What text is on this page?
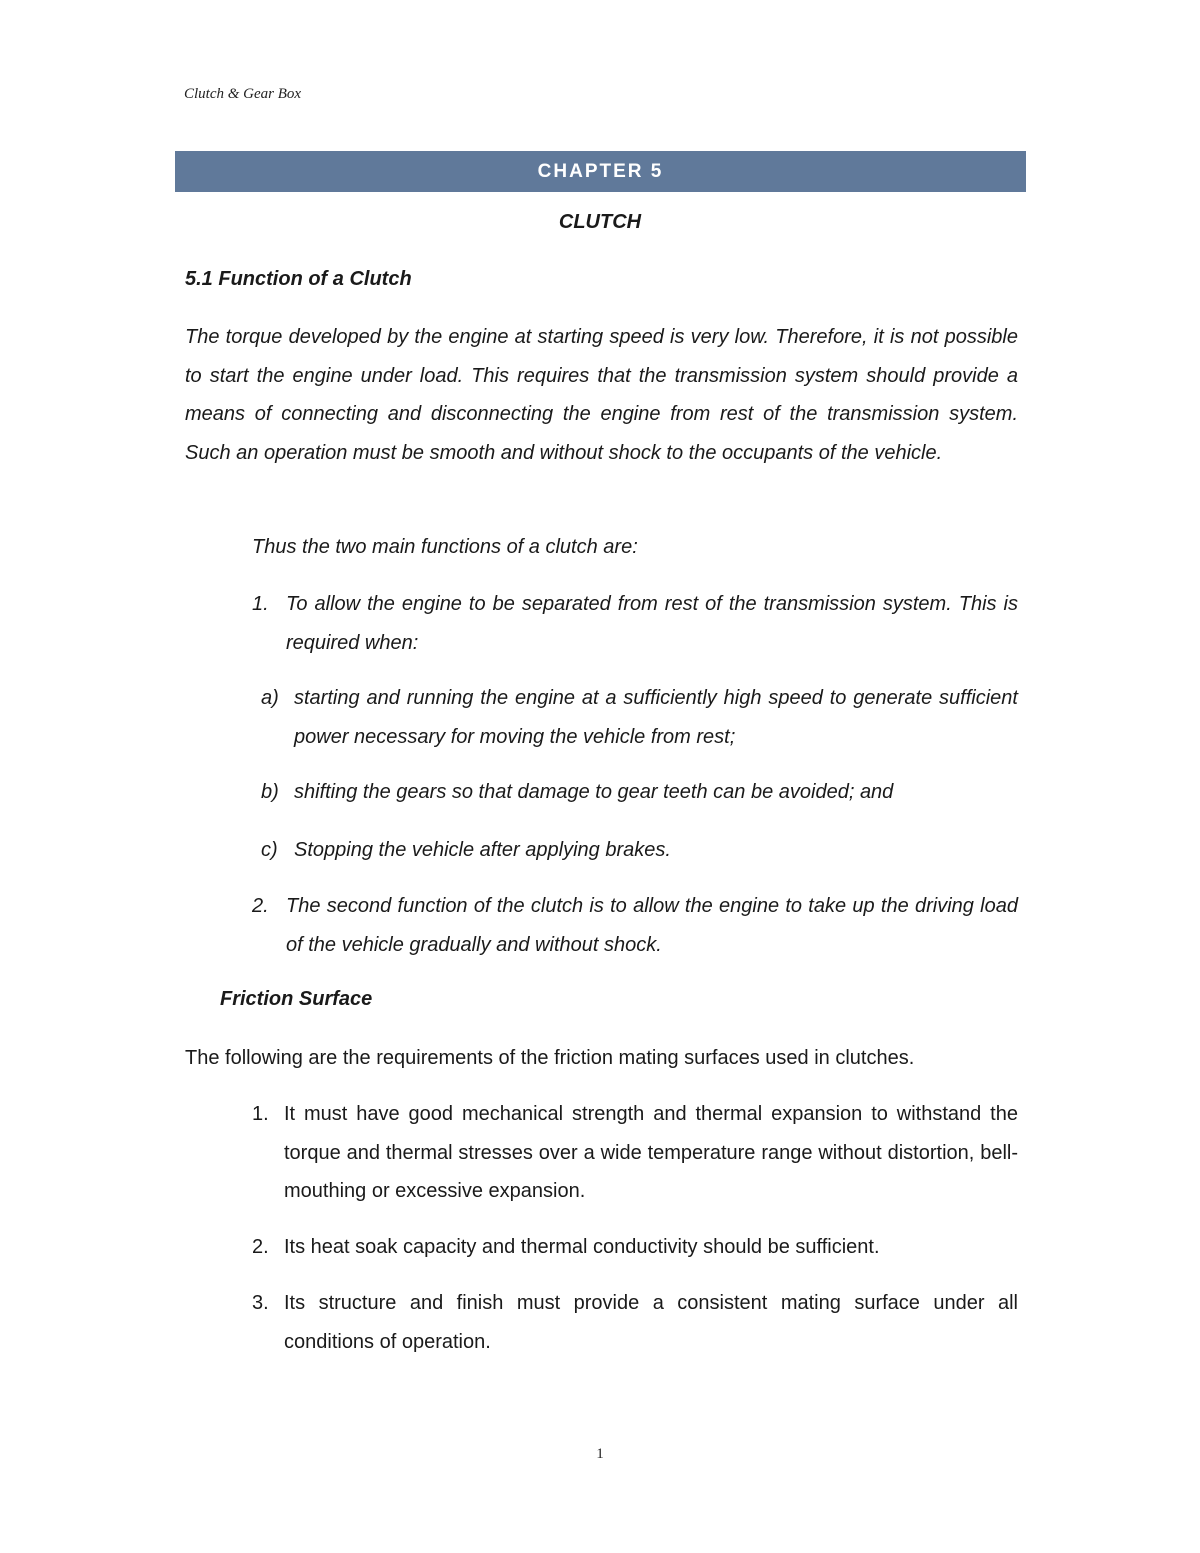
Clutch & Gear Box
CHAPTER 5
CLUTCH
5.1 Function of a Clutch
The torque developed by the engine at starting speed is very low. Therefore, it is not possible to start the engine under load. This requires that the transmission system should provide a means of connecting and disconnecting the engine from rest of the transmission system. Such an operation must be smooth and without shock to the occupants of the vehicle.
Thus the two main functions of a clutch are:
1. To allow the engine to be separated from rest of the transmission system. This is required when:
a) starting and running the engine at a sufficiently high speed to generate sufficient power necessary for moving the vehicle from rest;
b) shifting the gears so that damage to gear teeth can be avoided; and
c) Stopping the vehicle after applying brakes.
2. The second function of the clutch is to allow the engine to take up the driving load of the vehicle gradually and without shock.
Friction Surface
The following are the requirements of the friction mating surfaces used in clutches.
1. It must have good mechanical strength and thermal expansion to withstand the torque and thermal stresses over a wide temperature range without distortion, bell-mouthing or excessive expansion.
2. Its heat soak capacity and thermal conductivity should be sufficient.
3. Its structure and finish must provide a consistent mating surface under all conditions of operation.
1
